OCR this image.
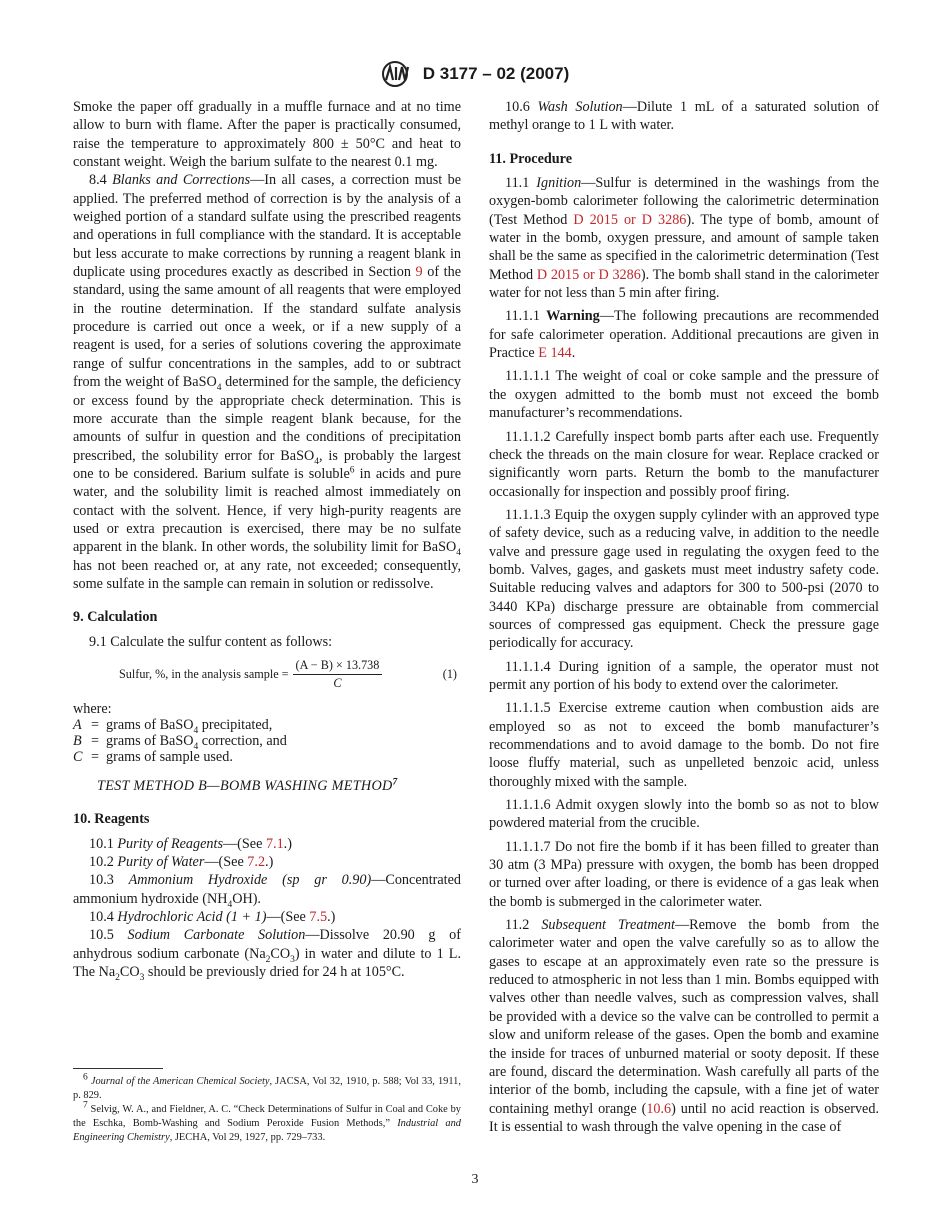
D 3177 – 02 (2007)

Smoke the paper off gradually in a muffle furnace and at no time allow to burn with flame. After the paper is practically consumed, raise the temperature to approximately 800 ± 50°C and heat to constant weight. Weigh the barium sulfate to the nearest 0.1 mg.

8.4 Blanks and Corrections—In all cases, a correction must be applied. The preferred method of correction is by the analysis of a weighed portion of a standard sulfate using the prescribed reagents and operations in full compliance with the standard. It is acceptable but less accurate to make corrections by running a reagent blank in duplicate using procedures exactly as described in Section 9 of the standard, using the same amount of all reagents that were employed in the routine determination. If the standard sulfate analysis procedure is carried out once a week, or if a new supply of a reagent is used, for a series of solutions covering the approximate range of sulfur concentrations in the samples, add to or subtract from the weight of BaSO$_4$ determined for the sample, the deficiency or excess found by the appropriate check determination. This is more accurate than the simple reagent blank because, for the amounts of sulfur in question and the conditions of precipitation prescribed, the solubility error for BaSO$_4$, is probably the largest one to be considered. Barium sulfate is soluble$^6$ in acids and pure water, and the solubility limit is reached almost immediately on contact with the solvent. Hence, if very high-purity reagents are used or extra precaution is exercised, there may be no sulfate apparent in the blank. In other words, the solubility limit for BaSO$_4$ has not been reached or, at any rate, not exceeded; consequently, some sulfate in the sample can remain in solution or redissolve.

9. Calculation

9.1 Calculate the sulfur content as follows:

Sulfur, %, in the analysis sample = $\frac{(A - B) \times 13.738}{C}$	(1)
where:
A = grams of BaSO$_4$ precipitated,
B = grams of BaSO$_4$ correction, and
C = grams of sample used.
TEST METHOD B—BOMB WASHING METHOD$^7$
10. Reagents

10.1 Purity of Reagents—(See 7.1.)

10.2 Purity of Water—(See 7.2.)

10.3 Ammonium Hydroxide (sp gr 0.90)—Concentrated ammonium hydroxide $(NH_4OH)$.

10.4 Hydrochloric Acid (1 + 1)—(See 7.5.)

10.5 Sodium Carbonate Solution—Dissolve 20.90 g of anhydrous sodium carbonate $(Na_2CO_3)$ in water and dilute to 1 L. The $Na_2CO_3$ should be previously dried for 24 h at 105°C.

10.6 Wash Solution—Dilute 1 mL of a saturated solution of methyl orange to 1 L with water.

11. Procedure

11.1 Ignition—Sulfur is determined in the washings from the oxygen-bomb calorimeter following the calorimetric determination (Test Method D 2015 or D 3286). The type of bomb, amount of water in the bomb, oxygen pressure, and amount of sample taken shall be the same as specified in the calorimetric determination (Test Method D 2015 or D 3286). The bomb shall stand in the calorimeter water for not less than 5 min after firing.

11.1.1 Warning—The following precautions are recommended for safe calorimeter operation. Additional precautions are given in Practice E 144.

11.1.1.1 The weight of coal or coke sample and the pressure of the oxygen admitted to the bomb must not exceed the bomb manufacturer’s recommendations.

11.1.1.2 Carefully inspect bomb parts after each use. Frequently check the threads on the main closure for wear. Replace cracked or significantly worn parts. Return the bomb to the manufacturer occasionally for inspection and possibly proof firing.

11.1.1.3 Equip the oxygen supply cylinder with an approved type of safety device, such as a reducing valve, in addition to the needle valve and pressure gage used in regulating the oxygen feed to the bomb. Valves, gages, and gaskets must meet industry safety code. Suitable reducing valves and adaptors for 300 to 500-psi (2070 to 3440 KPa) discharge pressure are obtainable from commercial sources of compressed gas equipment. Check the pressure gage periodically for accuracy.

11.1.1.4 During ignition of a sample, the operator must not permit any portion of his body to extend over the calorimeter.

11.1.1.5 Exercise extreme caution when combustion aids are employed so as not to exceed the bomb manufacturer’s recommendations and to avoid damage to the bomb. Do not fire loose fluffy material, such as unpelleted benzoic acid, unless thoroughly mixed with the sample.

11.1.1.6 Admit oxygen slowly into the bomb so as not to blow powdered material from the crucible.

11.1.1.7 Do not fire the bomb if it has been filled to greater than 30 atm (3 MPa) pressure with oxygen, the bomb has been dropped or turned over after loading, or there is evidence of a gas leak when the bomb is submerged in the calorimeter water.

11.2 Subsequent Treatment—Remove the bomb from the calorimeter water and open the valve carefully so as to allow the gases to escape at an approximately even rate so the pressure is reduced to atmospheric in not less than 1 min. Bombs equipped with valves other than needle valves, such as compression valves, shall be provided with a device so the valve can be controlled to permit a slow and uniform release of the gases. Open the bomb and examine the inside for traces of unburned material or sooty deposit. If these are found, discard the determination. Wash carefully all parts of the interior of the bomb, including the capsule, with a fine jet of water containing methyl orange (10.6) until no acid reaction is observed. It is essential to wash through the valve opening in the case of

$^6$ Journal of the American Chemical Society, JACSA, Vol 32, 1910, p. 588; Vol 33, 1911, p. 829.

$^7$ Selvig, W. A., and Fieldner, A. C. “Check Determinations of Sulfur in Coal and Coke by the Eschka, Bomb-Washing and Sodium Peroxide Fusion Methods,” Industrial and Engineering Chemistry, JECHA, Vol 29, 1927, pp. 729–733.

3
